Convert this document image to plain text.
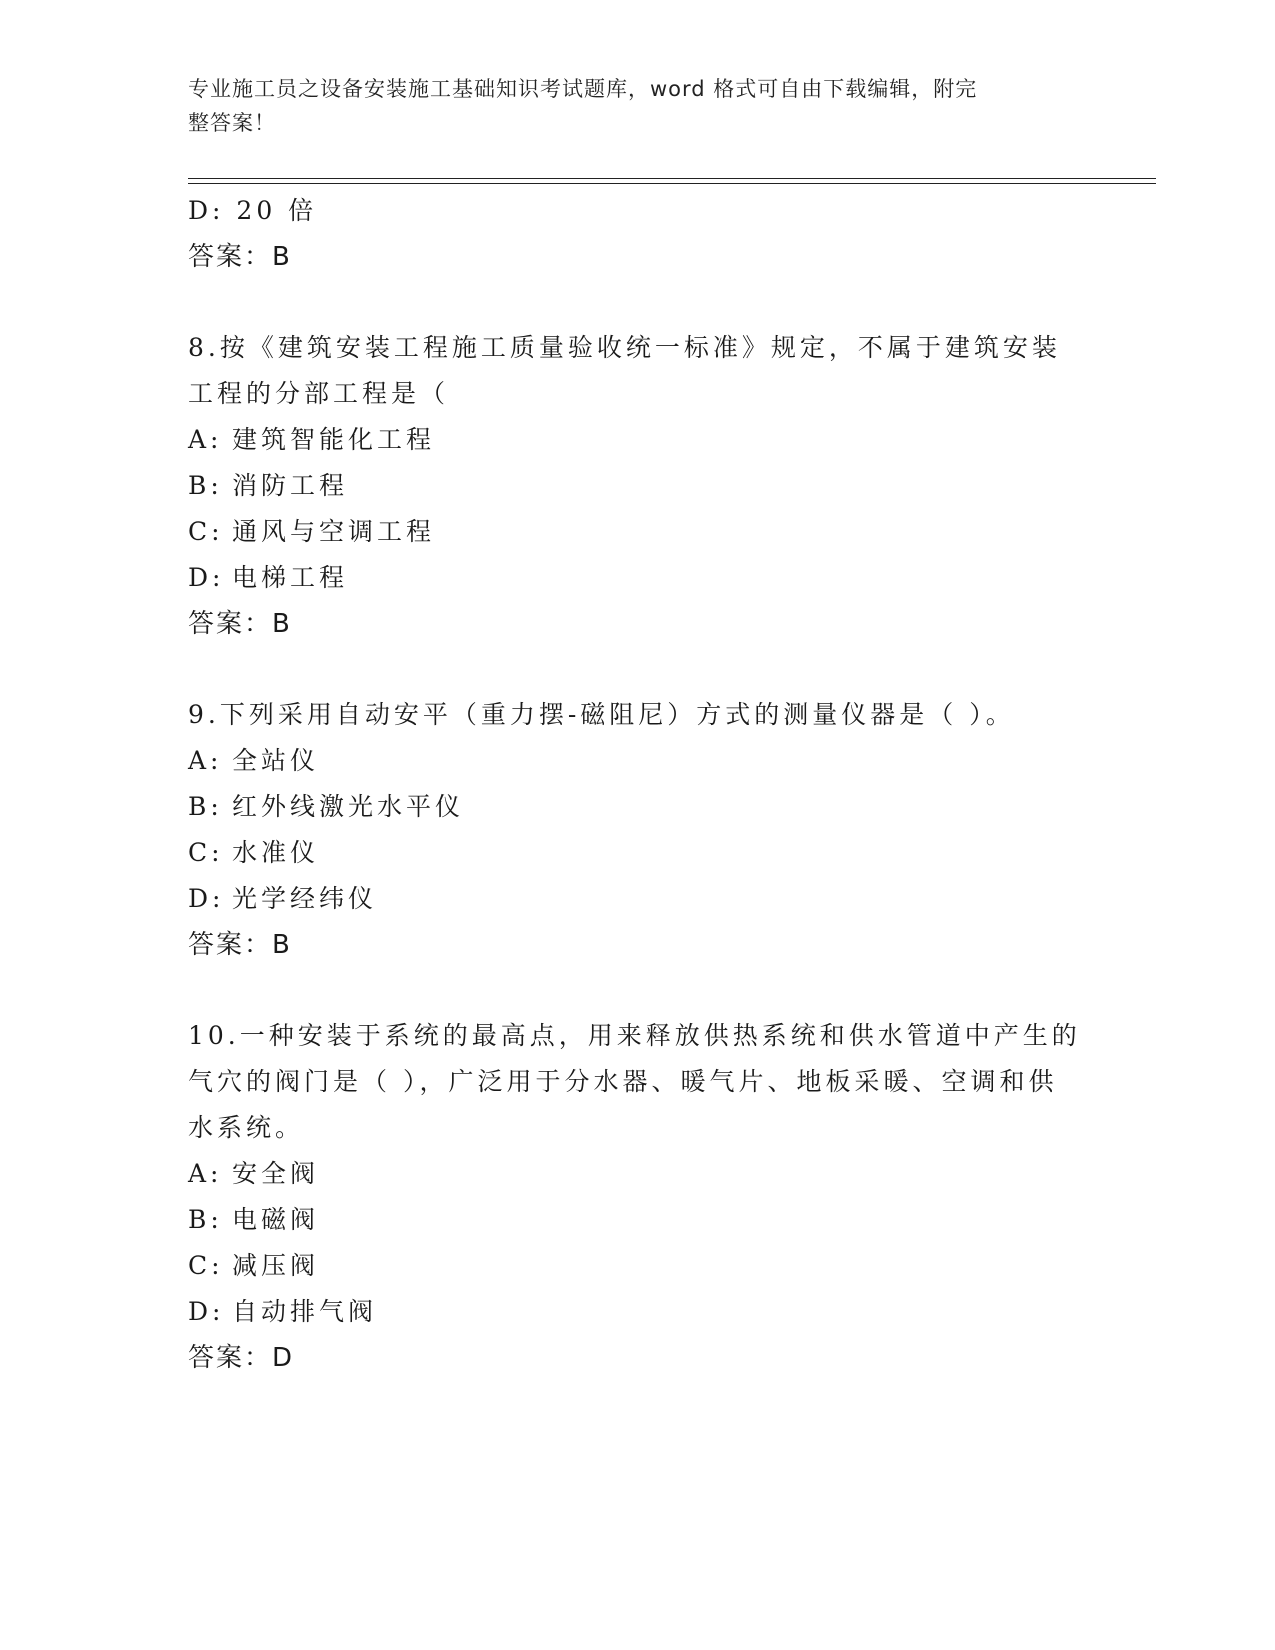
专业施工员之设备安装施工基础知识考试题库，word 格式可自由下载编辑，附完
整答案！
D: 20 倍
答案：B
8.按《建筑安装工程施工质量验收统一标准》规定，不属于建筑安装
工程的分部工程是（
A: 建筑智能化工程
B: 消防工程
C: 通风与空调工程
D: 电梯工程
答案：B
9.下列采用自动安平（重力摆-磁阻尼）方式的测量仪器是（ ）。
A: 全站仪
B: 红外线激光水平仪
C: 水准仪
D: 光学经纬仪
答案：B
10.一种安装于系统的最高点，用来释放供热系统和供水管道中产生的
气穴的阀门是（ ），广泛用于分水器、暖气片、地板采暖、空调和供
水系统。
A: 安全阀
B: 电磁阀
C: 减压阀
D: 自动排气阀
答案：D
